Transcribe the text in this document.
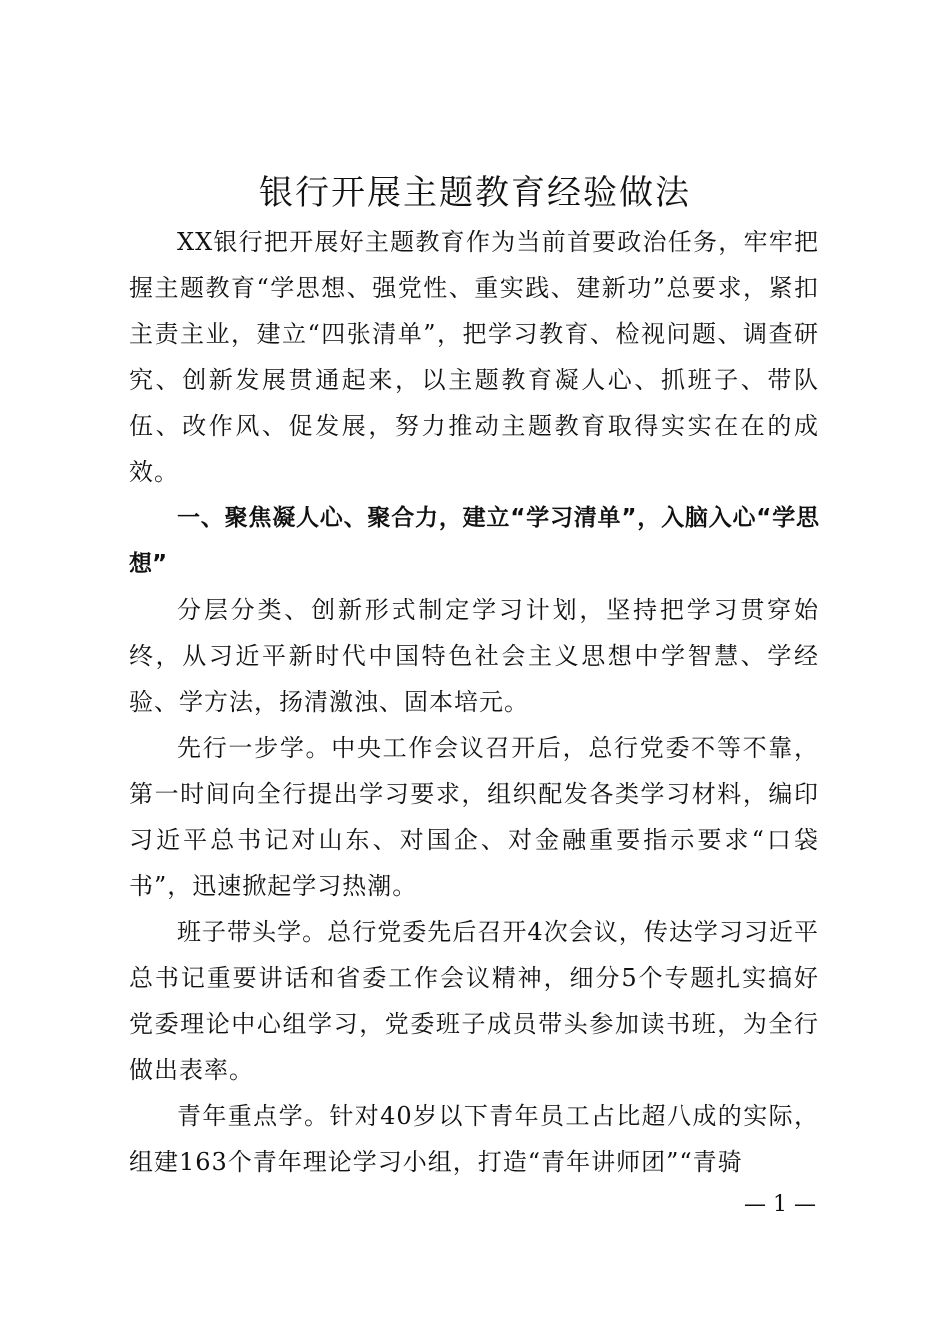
银行开展主题教育经验做法

XX银行把开展好主题教育作为当前首要政治任务，牢牢把握主题教育“学思想、强党性、重实践、建新功”总要求，紧扣主责主业，建立“四张清单”，把学习教育、检视问题、调查研究、创新发展贯通起来，以主题教育凝人心、抓班子、带队伍、改作风、促发展，努力推动主题教育取得实实在在的成效。

一、聚焦凝人心、聚合力，建立“学习清单”，入脑入心“学思想”

分层分类、创新形式制定学习计划，坚持把学习贯穿始终，从习近平新时代中国特色社会主义思想中学智慧、学经验、学方法，扬清激浊、固本培元。

先行一步学。中央工作会议召开后，总行党委不等不靠，第一时间向全行提出学习要求，组织配发各类学习材料，编印习近平总书记对山东、对国企、对金融重要指示要求“口袋书”，迅速掀起学习热潮。

班子带头学。总行党委先后召开4次会议，传达学习习近平总书记重要讲话和省委工作会议精神，细分5个专题扎实搞好党委理论中心组学习，党委班子成员带头参加读书班，为全行做出表率。

青年重点学。针对40岁以下青年员工占比超八成的实际，组建163个青年理论学习小组，打造“青年讲师团”“青骑

— 1 —
